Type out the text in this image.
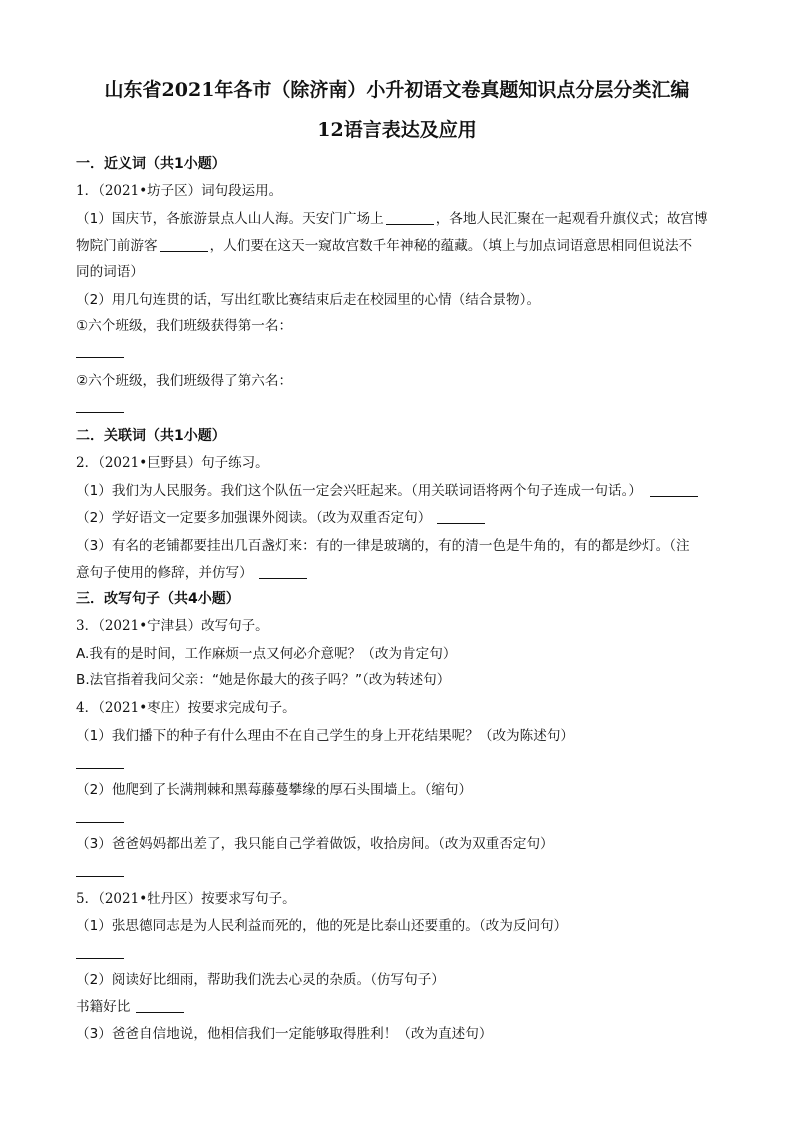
山东省2021年各市（除济南）小升初语文卷真题知识点分层分类汇编
12语言表达及应用
一．近义词（共1小题）
1．（2021•坊子区）词句段运用。
（1）国庆节，各旅游景点人山人海。天安门广场上	，各地人民汇聚在一起观看升旗仪式；故宫博
物院门前游客	，人们要在这天一窥故宫数千年神秘的蕴藏。（填上与加点词语意思相同但说法不
同的词语）
（2）用几句连贯的话，写出红歌比赛结束后走在校园里的心情（结合景物）。
①六个班级，我们班级获得第一名：
②六个班级，我们班级得了第六名：
二．关联词（共1小题）
2．（2021•巨野县）句子练习。
（1）我们为人民服务。我们这个队伍一定会兴旺起来。（用关联词语将两个句子连成一句话。）
（2）学好语文一定要多加强课外阅读。（改为双重否定句）
（3）有名的老铺都要挂出几百盏灯来：有的一律是玻璃的，有的清一色是牛角的，有的都是纱灯。（注
意句子使用的修辞，并仿写）
三．改写句子（共4小题）
3．（2021•宁津县）改写句子。
A.我有的是时间，工作麻烦一点又何必介意呢？（改为肯定句）
B.法官指着我问父亲：“她是你最大的孩子吗？”（改为转述句）
4．（2021•枣庄）按要求完成句子。
（1）我们播下的种子有什么理由不在自己学生的身上开花结果呢？（改为陈述句）
（2）他爬到了长满荆棘和黑莓藤蔓攀缘的厚石头围墙上。（缩句）
（3）爸爸妈妈都出差了，我只能自己学着做饭，收拾房间。（改为双重否定句）
5．（2021•牡丹区）按要求写句子。
（1）张思德同志是为人民利益而死的，他的死是比泰山还要重的。（改为反问句）
（2）阅读好比细雨，帮助我们洗去心灵的杂质。（仿写句子）
书籍好比
（3）爸爸自信地说，他相信我们一定能够取得胜利！（改为直述句）
